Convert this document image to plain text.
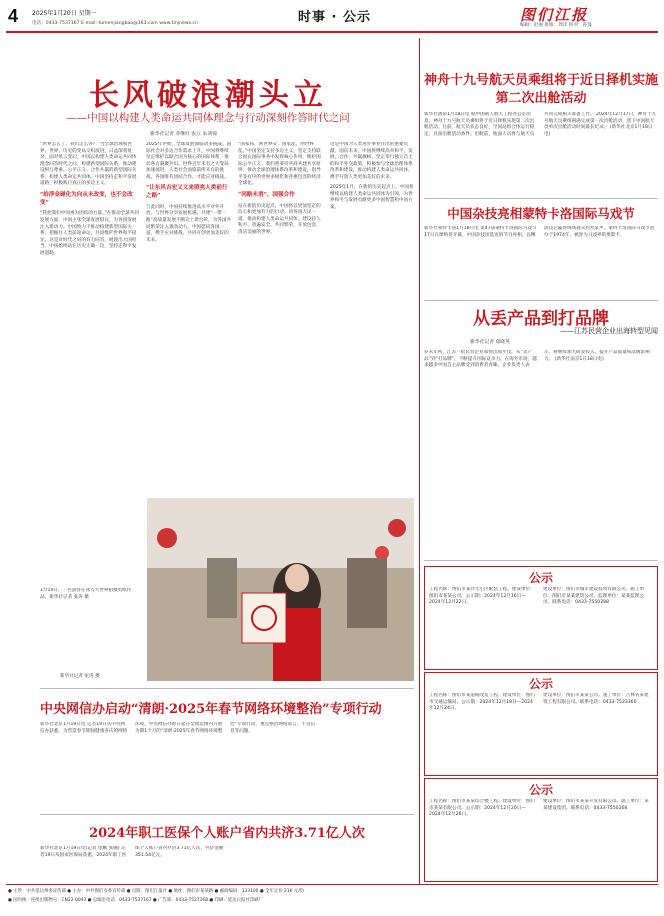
4 2025年1月20日 星期一
电话：0433-7537167 E-mail: tumenjiangbao@163.com www.tmjnews.cn	时事 · 公示	图们江报
编辑：赵丽 排版：周洋 校对：孙曼
长风破浪潮头立
——中国以构建人类命运共同体理念与行动深刻作答时代之问
新华社记者 乔继红 张立 朱鸿锦

“世界怎么了、我们怎么办？”当全球治理和世界、世界、历史的变局交织演进，日益深刻复杂，面对风云变幻，中国以构建人类命运共同体理念回答时代之问。构建新型国际关系，推动建设相互尊重、公平正义、合作共赢的新型国际关系，构建人类命运共同体。中国坚持走和平发展道路，积极践行真正的多边主义。

“给浮金碰化为向从未改变，也不会改变”

“我把我们中国视为团结的力量。”在推动全球共同发展方面，中国主张全球发展倡议，为各国发展注入新动力。中国致力于推动构建新型国际关系，把握住人类前途命运，共同维护世界和平稳定。这是对时代之问的有力回答，展现出大国担当。中国始终站在历史正确一边，坚持走和平发展道路。

2025年伊始，全球发展面临诸多挑战。国际社会对多边合作需求上升，中国将继续坚定维护以联合国为核心的国际体系，推动各方凝聚共识。世界百年未有之大变局加速演进，人类社会面临前所未有的挑战。各国唯有团结合作，才能应对挑战。

“让东风吉宏又又来照亮人类前行之路”

与此同时，中国持续推进高水平对外开放，与世界分享发展机遇。共建“一带一路”高质量发展不断迈上新台阶，为各国共同繁荣注入强劲动力。中国愿同各国一道，携手应对挑战，共同开创更加美好的未来。

“国家和，则世界安；国家乱，则世界乱。”中国坚定支持多边主义，坚定支持联合国在国际事务中发挥核心作用，维护国际公平正义。我们将秉持共商共建共享原则，推动全球治理体系改革和建设，倡导平等有序的世界多极化和普惠包容的经济全球化。

“同路未消”、国强合作

站在新的历史起点，中国将以更加坚定的信心和更加有力的行动，同各国人民一道，推动构建人类命运共同体，建设持久和平、普遍安全、共同繁荣、开放包容、清洁美丽的世界。

这是中国为人类进步事业作出的重要贡献。面向未来，中国将继续高举和平、发展、合作、共赢旗帜，坚定奉行独立自主的和平外交政策，积极参与全球治理体系改革和建设，推动构建人类命运共同体，携手开创人类更加美好的未来。

2025年1月，在新的历史起点上，中国将继续以构建人类命运共同体为引领，为世界和平与发展贡献更多中国智慧和中国方案。

1月10日，一名游客在冰雪大世界拍摄剪纸作品。新华社记者 张涛 摄
新华社记者 张涛 摄
中央网信办启动“清朗·2025年春节网络环境整治”专项行动
新华社北京1月19日电 记者19日从中央网信办获悉，为营造春节期间健康喜庆的网络环境，中央网信办即日起在全国范围内开展为期1个月的“清朗·2025年春节网络环境整治”专项行动，重点整治网络谣言、不良信息等问题。
2024年职工医保个人账户省内共济3.71亿人次
新华社北京1月19日电(记者 徐鹏 张碗) 记者19日从国家医保局获悉，2024年职工医保个人账户省内共济3.71亿人次，共济金额351.54亿元。
神舟十九号航天员乘组将于近日择机实施第二次出舱活动
新华社酒泉1月18日电 据中国载人航天工程办公室消息，神舟十九号航天员乘组将于近日择机实施第二次出舱活动。目前，航天员状态良好，空间站组合体运行稳定，具备出舱活动条件。出舱前，地面人员将与航天员共同完成相关准备工作。 2024年12月17日，神舟十九号航天员乘组圆满完成第一次出舱活动，创下中国航天员单次出舱活动时间最长纪录。 (新华社北京1月18日电)
中国杂技亮相蒙特卡洛国际马戏节
新华社蒙特卡洛1月18日电 第47届蒙特卡洛国际马戏节17日在摩纳哥开幕，中国杂技团选送的节目亮相，以精湛技艺赢得现场观众热烈掌声。蒙特卡洛国际马戏节创办于1974年，被誉为马戏界的奥斯卡。
从丢产品到打品牌
——江苏民营企业出海转型见闻
新华社记者 郑晓英
岁末年初，江苏一批民营企业加快出海步伐，从“卖产品”到“打品牌”，不断提升国际竞争力。在海外市场，越来越多中国自主品牌受到消费者青睐。企业负责人表示，将继续加大研发投入，提升产品质量和品牌影响力。 (新华社南京1月18日电)
公示
工程名称：图们市某住宅小区配套工程。建设单位：图们市某某公司。公示期：2024年12月16日—2024年12月22日。
建设单位：图们市城市建设投资有限公司。施工单位：图们市某某建筑公司。监理单位：某某监理公司。联系电话：0433-7550288
公示
工程名称：图们市某道路改造工程。建设单位：图们市交通运输局。公示期：2024年12月18日—2024年12月24日。
建设单位：图们市某某公司。施工单位：吉林省某建筑工程有限公司。联系电话：0433-7533360
公示
工程名称：图们市某某综合楼工程。建设单位：图们市某某有限公司。公示期：2024年12月20日—2024年12月26日。
建设单位：图们市某某开发有限公司。施工单位：某某建设集团。联系电话：0433-7550268
● 主管：中共延边州委宣传部 ● 主办：中共图们市委宣传部 ● 出版：图们江报社 ● 地址：图们市某某路 ● 邮政编码：133100 ● 全年定价 216 元/份
● 国内统一连续出版物号：CN22-0043 ● 总编室电话：0433-7537167 ● 广告部：0433-7537168 ● 印刷：延边日报社印刷厂
